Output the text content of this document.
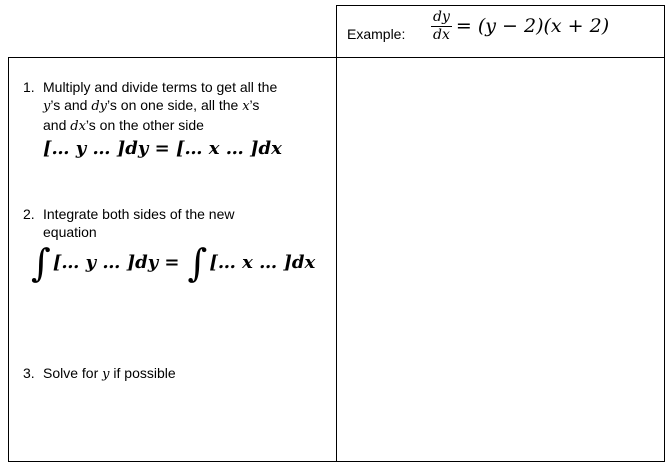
Example: $\frac{dy}{dx} = (y - 2)(x + 2)$
1. Multiply and divide terms to get all the
y’s and dy’s on one side, all the x’s
and dx’s on the other side
[… y … ]dy = [… x … ]dx
2. Integrate both sides of the new equation
∫ [… y … ]dy = ∫ [… x … ]dx
3. Solve for y if possible
